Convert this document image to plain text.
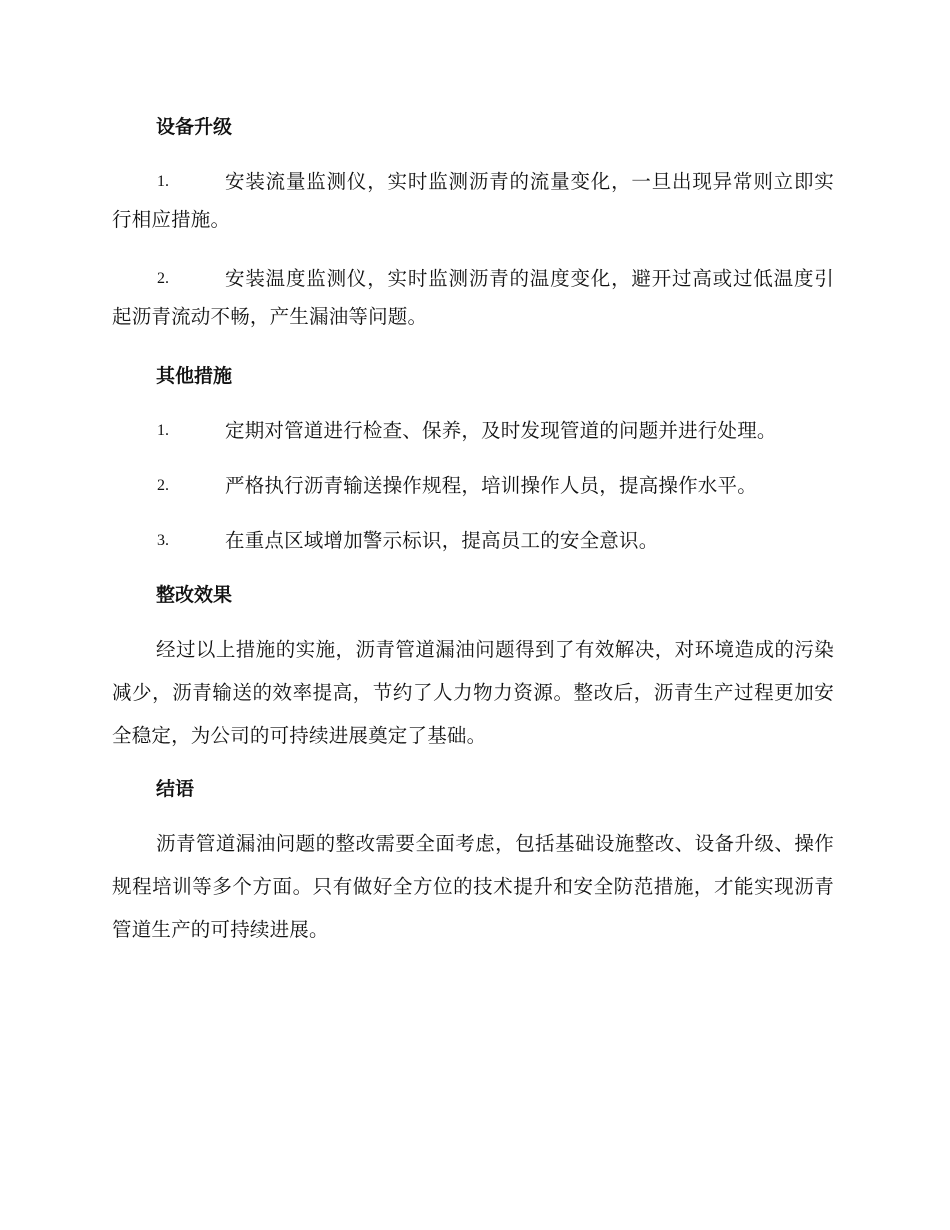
设备升级
1.	安装流量监测仪，实时监测沥青的流量变化，一旦出现异常则立即实行相应措施。
2.	安装温度监测仪，实时监测沥青的温度变化，避开过高或过低温度引起沥青流动不畅，产生漏油等问题。
其他措施
1.	定期对管道进行检查、保养，及时发现管道的问题并进行处理。
2.	严格执行沥青输送操作规程，培训操作人员，提高操作水平。
3.	在重点区域增加警示标识，提高员工的安全意识。
整改效果
经过以上措施的实施，沥青管道漏油问题得到了有效解决，对环境造成的污染减少，沥青输送的效率提高，节约了人力物力资源。整改后，沥青生产过程更加安全稳定，为公司的可持续进展奠定了基础。
结语
沥青管道漏油问题的整改需要全面考虑，包括基础设施整改、设备升级、操作规程培训等多个方面。只有做好全方位的技术提升和安全防范措施，才能实现沥青管道生产的可持续进展。
